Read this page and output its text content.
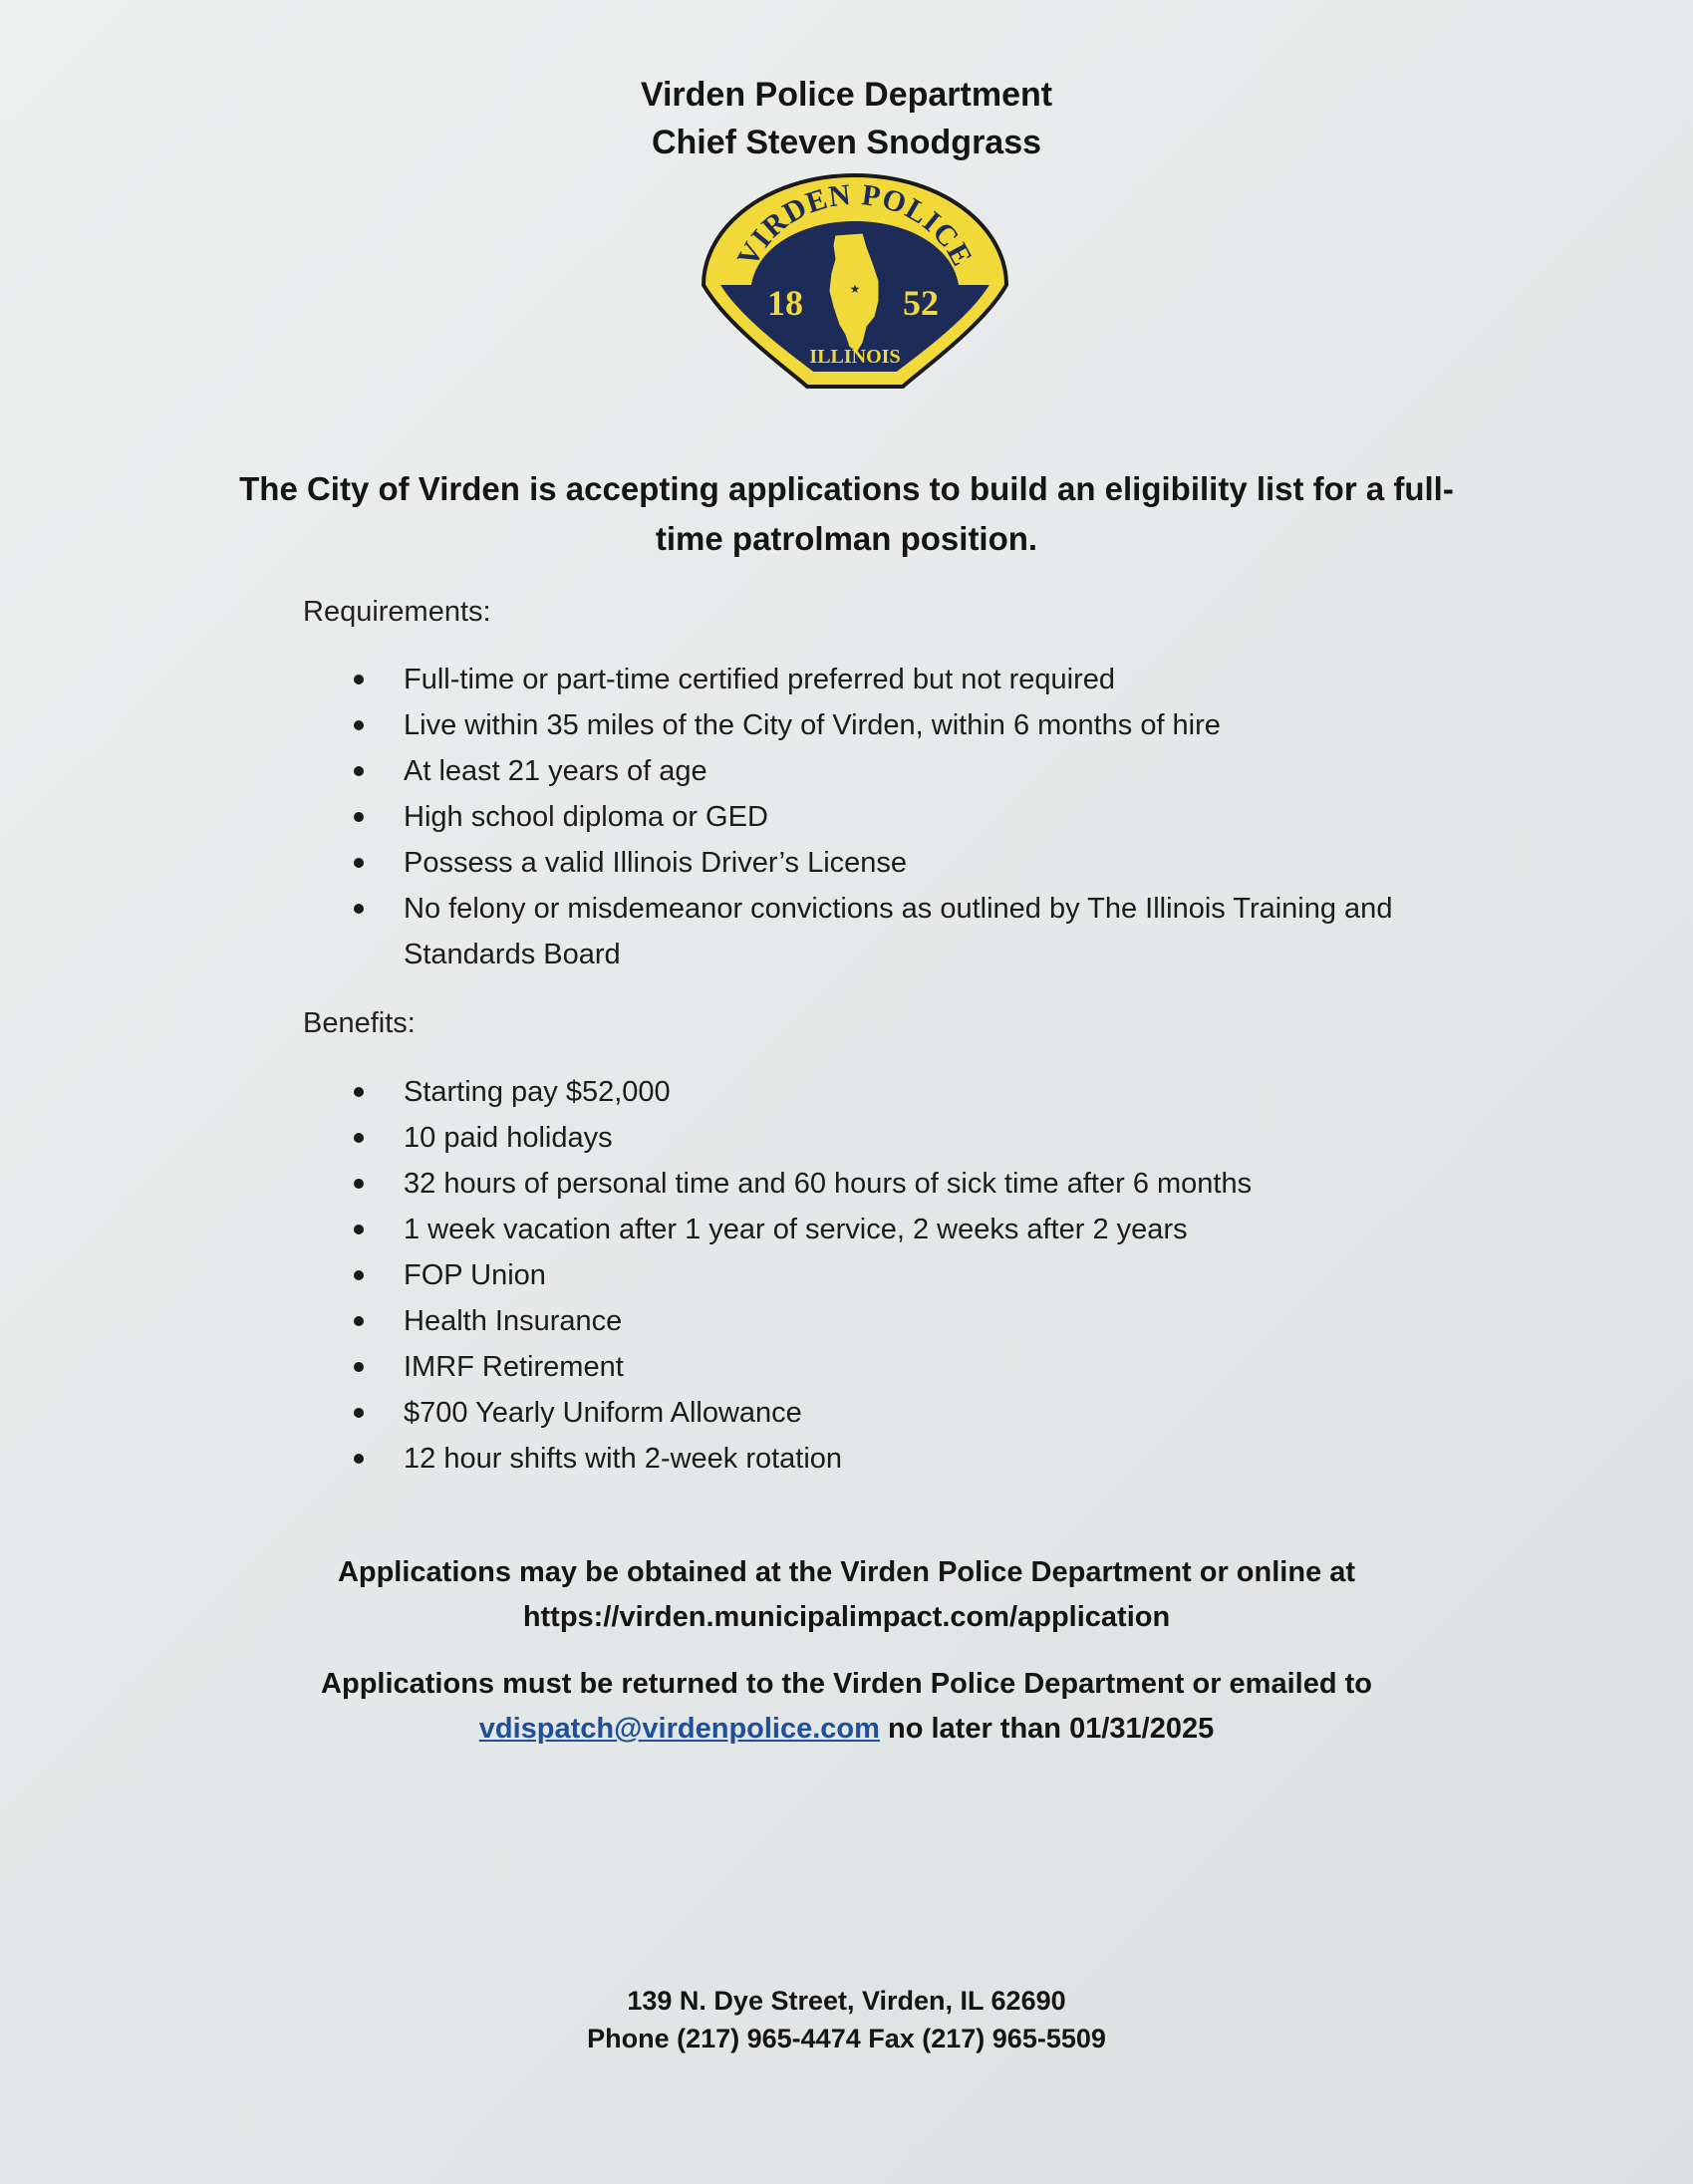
Virden Police Department
Chief Steven Snodgrass
VIRDEN POLICE
★
18	52
ILLINOIS
The City of Virden is accepting applications to build an eligibility list for a full-
time patrolman position.
Requirements:
Full-time or part-time certified preferred but not required
Live within 35 miles of the City of Virden, within 6 months of hire
At least 21 years of age
High school diploma or GED
Possess a valid Illinois Driver’s License
No felony or misdemeanor convictions as outlined by The Illinois Training and Standards Board
Benefits:
Starting pay $52,000
10 paid holidays
32 hours of personal time and 60 hours of sick time after 6 months
1 week vacation after 1 year of service, 2 weeks after 2 years
FOP Union
Health Insurance
IMRF Retirement
$700 Yearly Uniform Allowance
12 hour shifts with 2-week rotation
Applications may be obtained at the Virden Police Department or online at
https://virden.municipalimpact.com/application
Applications must be returned to the Virden Police Department or emailed to
vdispatch@virdenpolice.com no later than 01/31/2025
139 N. Dye Street, Virden, IL 62690
Phone (217) 965-4474 Fax (217) 965-5509
